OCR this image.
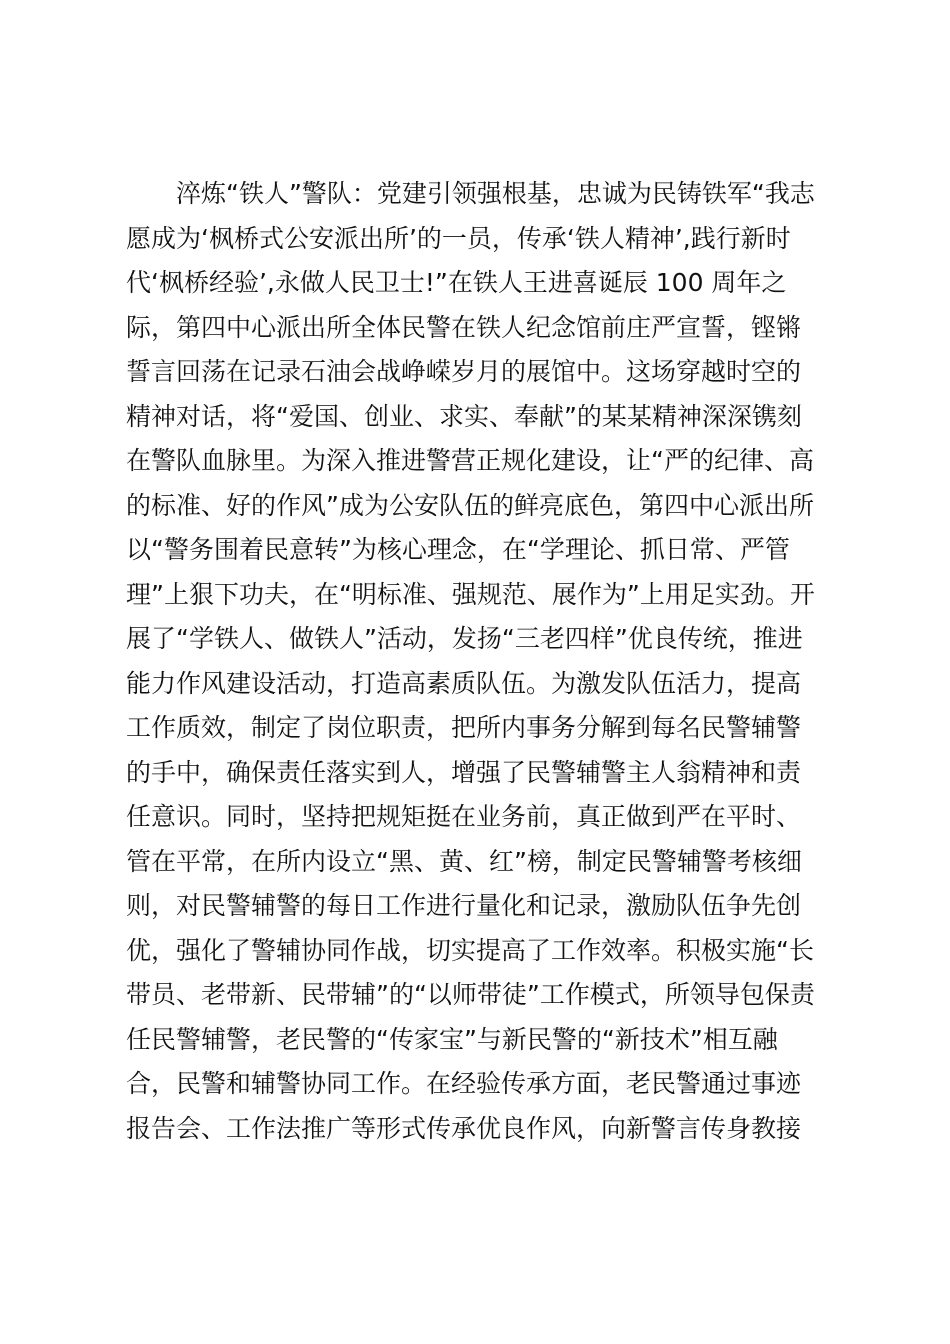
淬炼“铁人”警队：党建引领强根基，忠诚为民铸铁军“我志
愿成为‘枫桥式公安派出所’的一员，传承‘铁人精神’,践行新时
代‘枫桥经验’,永做人民卫士!”在铁人王进喜诞辰 100 周年之
际，第四中心派出所全体民警在铁人纪念馆前庄严宣誓，铿锵
誓言回荡在记录石油会战峥嵘岁月的展馆中。这场穿越时空的
精神对话，将“爱国、创业、求实、奉献”的某某精神深深镌刻
在警队血脉里。为深入推进警营正规化建设，让“严的纪律、高
的标准、好的作风”成为公安队伍的鲜亮底色，第四中心派出所
以“警务围着民意转”为核心理念，在“学理论、抓日常、严管
理”上狠下功夫，在“明标准、强规范、展作为”上用足实劲。开
展了“学铁人、做铁人”活动，发扬“三老四样”优良传统，推进
能力作风建设活动，打造高素质队伍。为激发队伍活力，提高
工作质效，制定了岗位职责，把所内事务分解到每名民警辅警
的手中，确保责任落实到人，增强了民警辅警主人翁精神和责
任意识。同时，坚持把规矩挺在业务前，真正做到严在平时、
管在平常，在所内设立“黑、黄、红”榜，制定民警辅警考核细
则，对民警辅警的每日工作进行量化和记录，激励队伍争先创
优，强化了警辅协同作战，切实提高了工作效率。积极实施“长
带员、老带新、民带辅”的“以师带徒”工作模式，所领导包保责
任民警辅警，老民警的“传家宝”与新民警的“新技术”相互融
合，民警和辅警协同工作。在经验传承方面，老民警通过事迹
报告会、工作法推广等形式传承优良作风，向新警言传身教接
